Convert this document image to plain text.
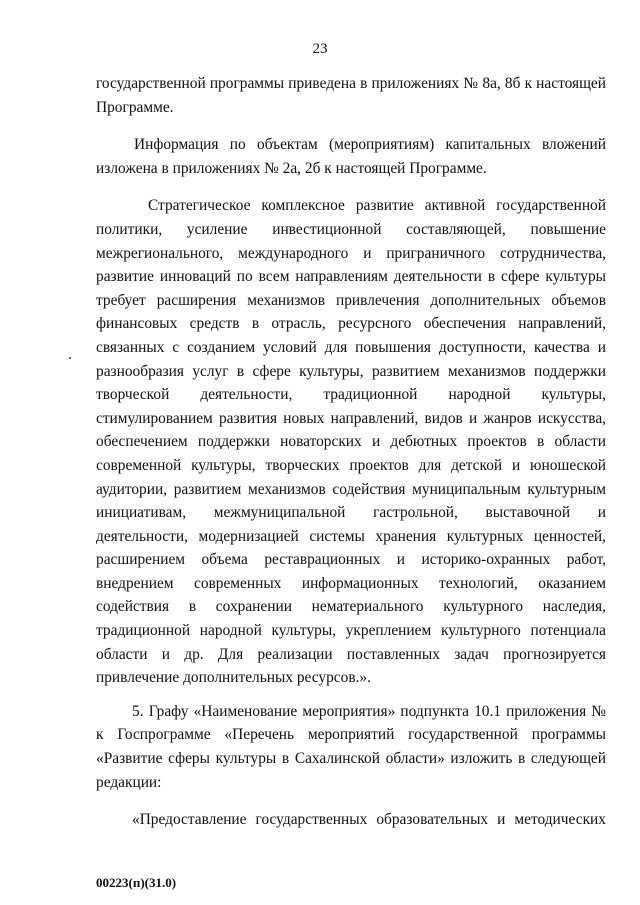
23
государственной программы приведена в приложениях № 8а, 8б к настоящей
Программе.
Информация по объектам (мероприятиям) капитальных вложений
изложена в приложениях № 2а, 2б к настоящей Программе.
Стратегическое комплексное развитие активной государственной
политики, усиление инвестиционной составляющей, повышение
межрегионального, международного и приграничного сотрудничества,
развитие инноваций по всем направлениям деятельности в сфере культуры
требует расширения механизмов привлечения дополнительных объемов
финансовых средств в отрасль, ресурсного обеспечения направлений,
связанных с созданием условий для повышения доступности, качества и
разнообразия услуг в сфере культуры, развитием механизмов поддержки
творческой деятельности, традиционной народной культуры,
стимулированием развития новых направлений, видов и жанров искусства,
обеспечением поддержки новаторских и дебютных проектов в области
современной культуры, творческих проектов для детской и юношеской
аудитории, развитием механизмов содействия муниципальным культурным
инициативам, межмуниципальной гастрольной, выставочной и
деятельности, модернизацией системы хранения культурных ценностей,
расширением объема реставрационных и историко-охранных работ,
внедрением современных информационных технологий, оказанием
содействия в сохранении нематериального культурного наследия,
традиционной народной культуры, укреплением культурного потенциала
области и др. Для реализации поставленных задач прогнозируется
привлечение дополнительных ресурсов.».
5. Графу «Наименование мероприятия» подпункта 10.1 приложения №
к Госпрограмме «Перечень мероприятий государственной программы
«Развитие сферы культуры в Сахалинской области» изложить в следующей
редакции:
«Предоставление государственных образовательных и методических
00223(п)(31.0)
